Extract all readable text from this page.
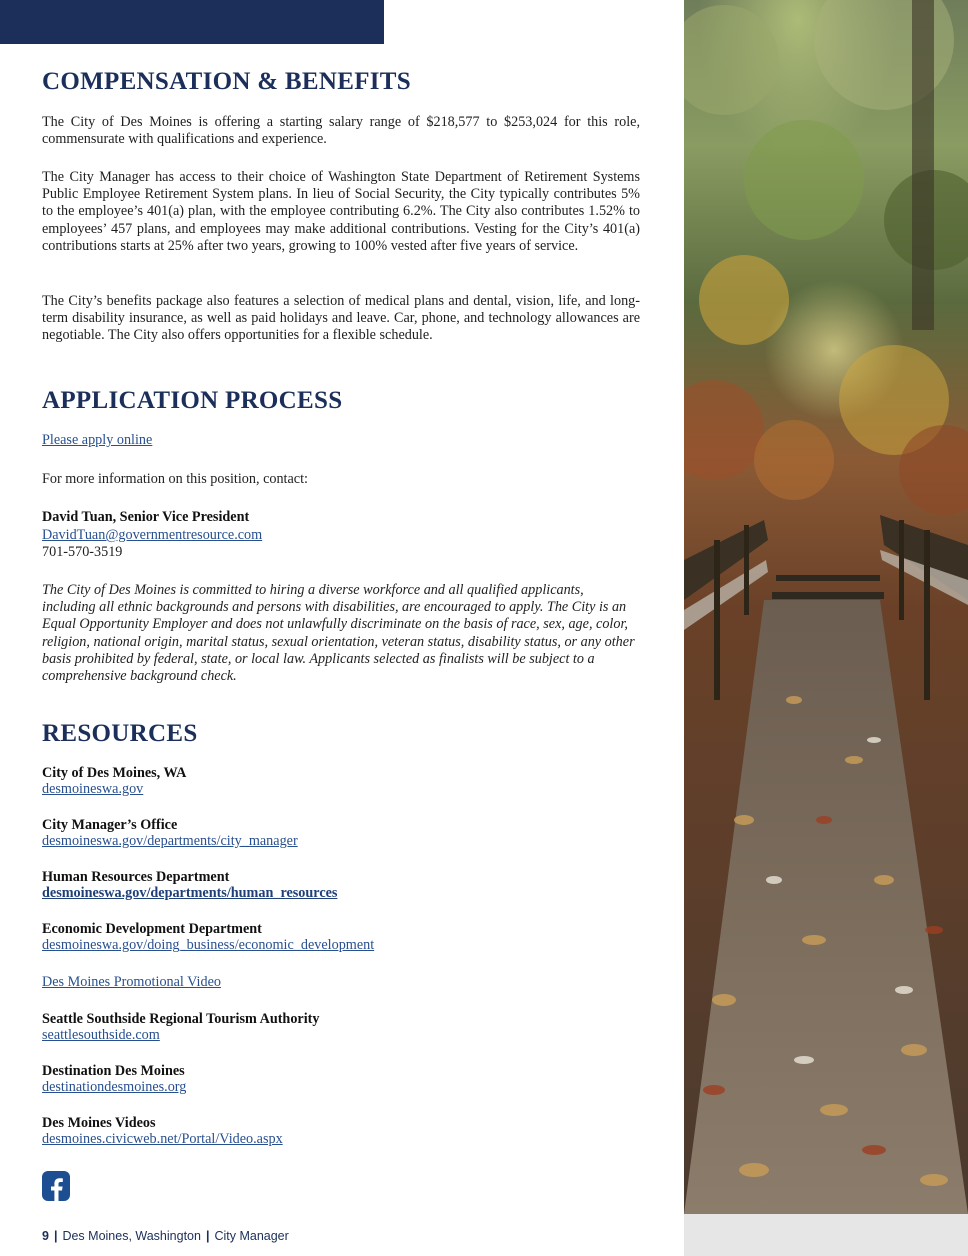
COMPENSATION & BENEFITS

The City of Des Moines is offering a starting salary range of $218,577 to $253,024 for this role, commensurate with qualifications and experience.

The City Manager has access to their choice of Washington State Department of Retirement Systems Public Employee Retirement System plans. In lieu of Social Security, the City typically contributes 5% to the employee’s 401(a) plan, with the employee contributing 6.2%. The City also contributes 1.52% to employees’ 457 plans, and employees may make additional contributions. Vesting for the City’s 401(a) contributions starts at 25% after two years, growing to 100% vested after five years of service.

The City’s benefits package also features a selection of medical plans and dental, vision, life, and long-term disability insurance, as well as paid holidays and leave. Car, phone, and technology allowances are negotiable. The City also offers opportunities for a flexible schedule.

APPLICATION PROCESS
Please apply online
For more information on this position, contact:
David Tuan, Senior Vice President
DavidTuan@governmentresource.com
701-570-3519

The City of Des Moines is committed to hiring a diverse workforce and all qualified applicants, including all ethnic backgrounds and persons with disabilities, are encouraged to apply. The City is an Equal Opportunity Employer and does not unlawfully discriminate on the basis of race, sex, age, color, religion, national origin, marital status, sexual orientation, veteran status, disability status, or any other basis prohibited by federal, state, or local law. Applicants selected as finalists will be subject to a comprehensive background check.

RESOURCES
City of Des Moines, WA
desmoineswa.gov
City Manager’s Office
desmoineswa.gov/departments/city_manager
Human Resources Department
desmoineswa.gov/departments/human_resources
Economic Development Department
desmoineswa.gov/doing_business/economic_development
Des Moines Promotional Video
Seattle Southside Regional Tourism Authority
seattlesouthside.com
Destination Des Moines
destinationdesmoines.org
Des Moines Videos
desmoines.civicweb.net/Portal/Video.aspx
9 | Des Moines, Washington | City Manager
